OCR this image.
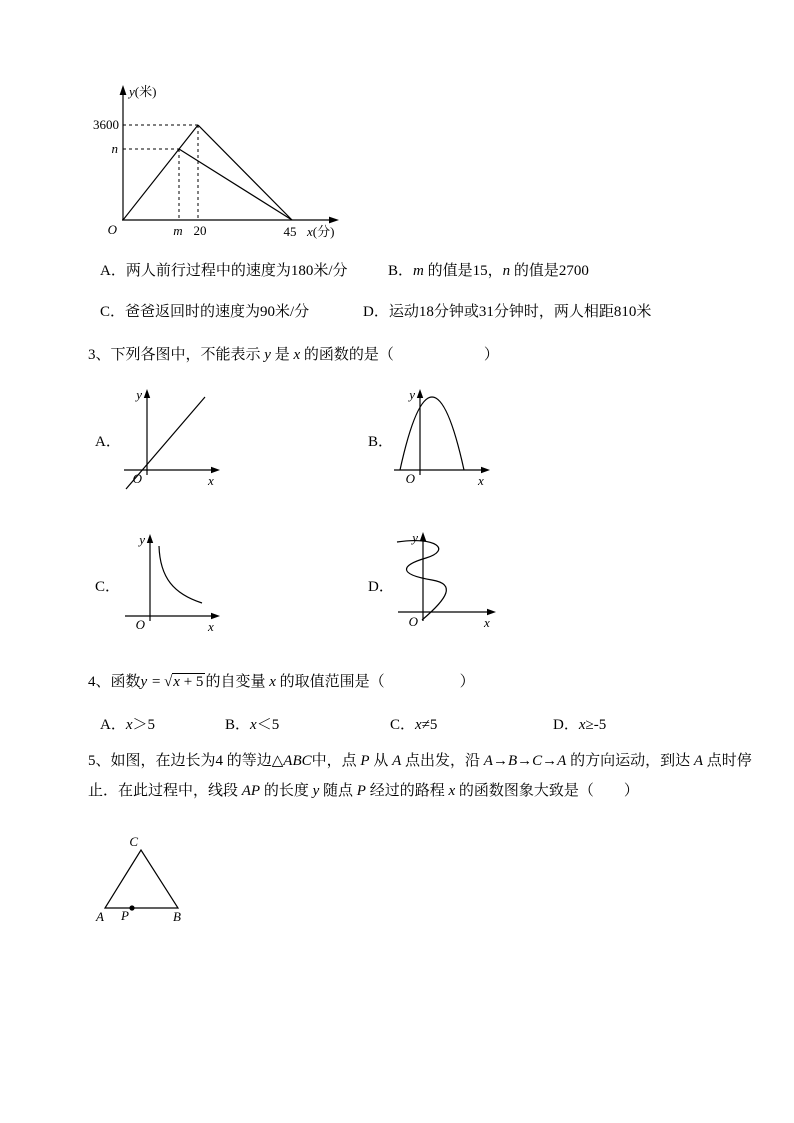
y(米)
x(分)
3600
n
O	m 20	45
A．两人前行过程中的速度为180米/分	B．m 的值是15，n 的值是2700
C．爸爸返回时的速度为90米/分	D．运动18分钟或31分钟时，两人相距810米
3、下列各图中，不能表示 y 是 x 的函数的是（　　　　　　）
A．
y
x
O
B．
y
x
O
C．
y
x
O
D．
y
x
O
4、函数y = √x + 5 的自变量 x 的取值范围是（　　　　　）
A．x＞5	B．x＜5	C．x≠5	D．x≥-5
5、如图，在边长为4 的等边△ABC中，点 P 从 A 点出发，沿 A→B→C→A 的方向运动，到达 A 点时停
止．在此过程中，线段 AP 的长度 y 随点 P 经过的路程 x 的函数图象大致是（　　）
C
A	B
P
